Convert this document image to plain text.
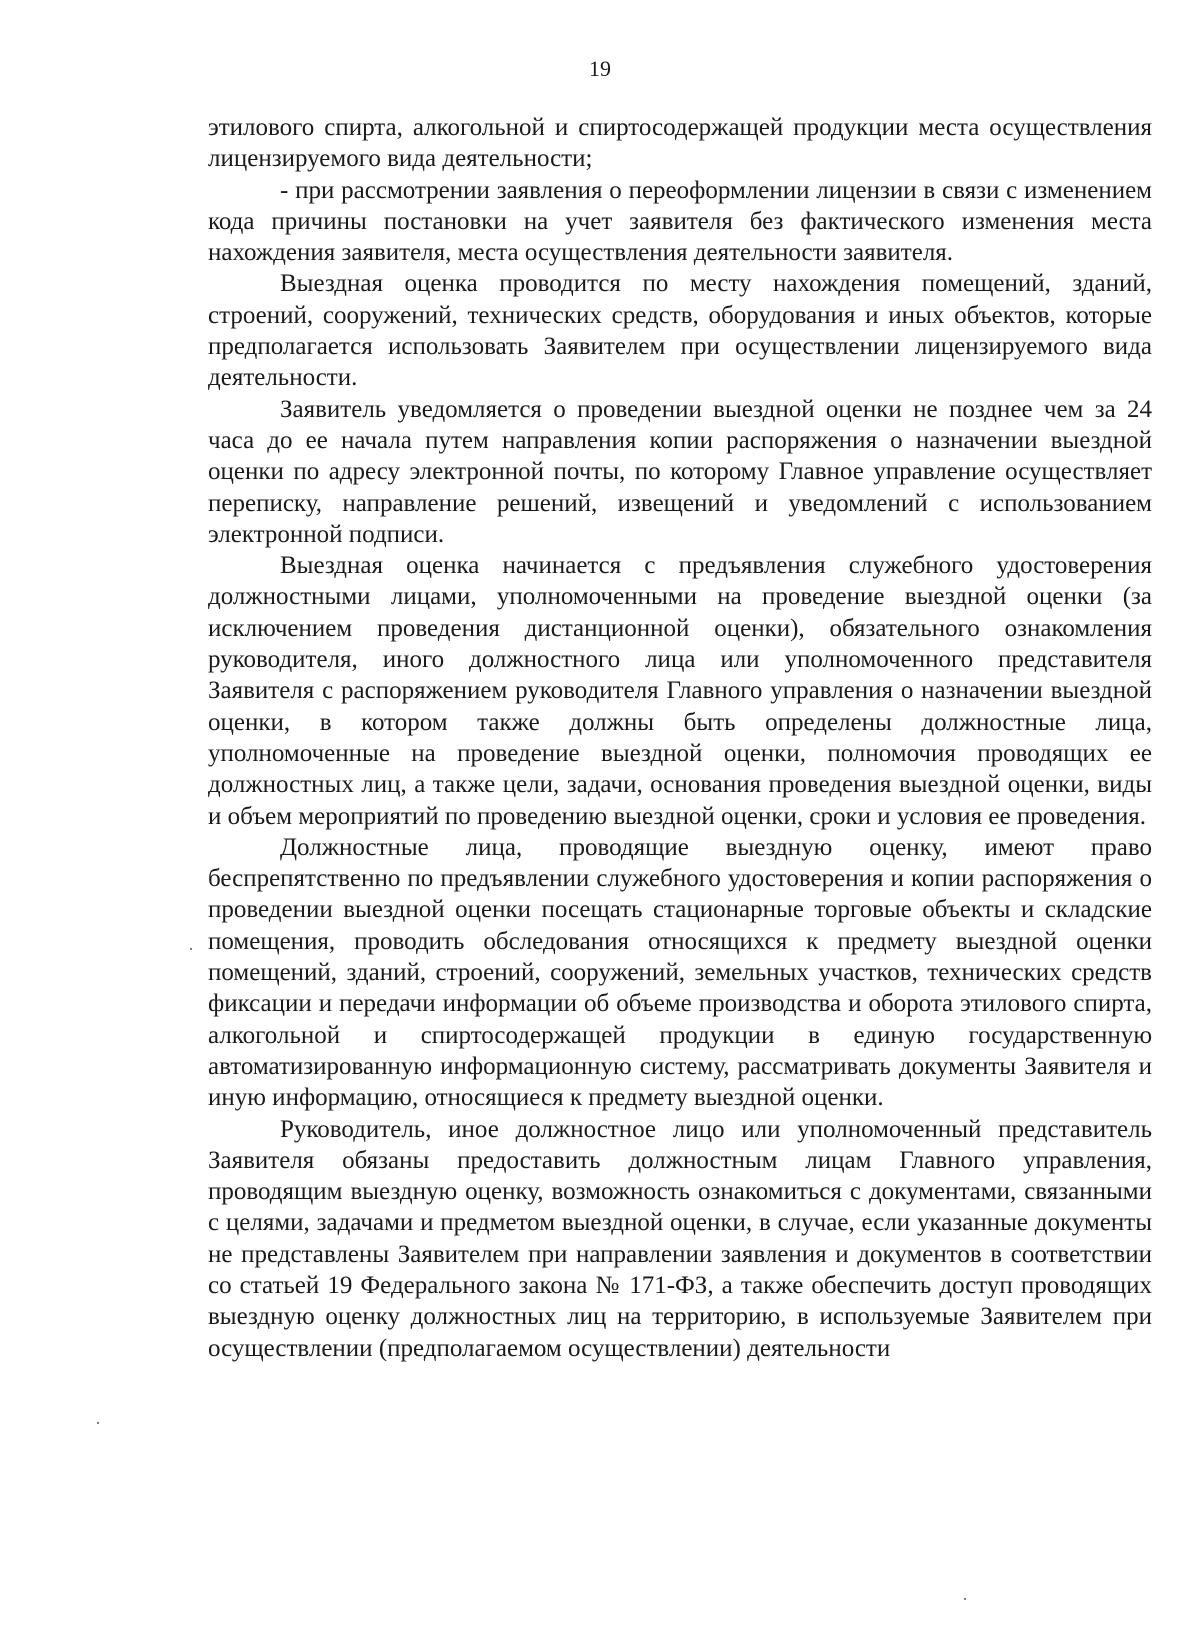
19

этилового спирта, алкогольной и спиртосодержащей продукции места осуществления лицензируемого вида деятельности;

- при рассмотрении заявления о переоформлении лицензии в связи с изменением кода причины постановки на учет заявителя без фактического изменения места нахождения заявителя, места осуществления деятельности заявителя.

Выездная оценка проводится по месту нахождения помещений, зданий, строений, сооружений, технических средств, оборудования и иных объектов, которые предполагается использовать Заявителем при осуществлении лицензируемого вида деятельности.

Заявитель уведомляется о проведении выездной оценки не позднее чем за 24 часа до ее начала путем направления копии распоряжения о назначении выездной оценки по адресу электронной почты, по которому Главное управление осуществляет переписку, направление решений, извещений и уведомлений с использованием электронной подписи.

Выездная оценка начинается с предъявления служебного удостоверения должностными лицами, уполномоченными на проведение выездной оценки (за исключением проведения дистанционной оценки), обязательного ознакомления руководителя, иного должностного лица или уполномоченного представителя Заявителя с распоряжением руководителя Главного управления о назначении выездной оценки, в котором также должны быть определены должностные лица, уполномоченные на проведение выездной оценки, полномочия проводящих ее должностных лиц, а также цели, задачи, основания проведения выездной оценки, виды и объем мероприятий по проведению выездной оценки, сроки и условия ее проведения.

Должностные лица, проводящие выездную оценку, имеют право беспрепятственно по предъявлении служебного удостоверения и копии распоряжения о проведении выездной оценки посещать стационарные торговые объекты и складские помещения, проводить обследования относящихся к предмету выездной оценки помещений, зданий, строений, сооружений, земельных участков, технических средств фиксации и передачи информации об объеме производства и оборота этилового спирта, алкогольной и спиртосодержащей продукции в единую государственную автоматизированную информационную систему, рассматривать документы Заявителя и иную информацию, относящиеся к предмету выездной оценки.

Руководитель, иное должностное лицо или уполномоченный представитель Заявителя обязаны предоставить должностным лицам Главного управления, проводящим выездную оценку, возможность ознакомиться с документами, связанными с целями, задачами и предметом выездной оценки, в случае, если указанные документы не представлены Заявителем при направлении заявления и документов в соответствии со статьей 19 Федерального закона № 171-ФЗ, а также обеспечить доступ проводящих выездную оценку должностных лиц на территорию, в используемые Заявителем при осуществлении (предполагаемом осуществлении) деятельности
